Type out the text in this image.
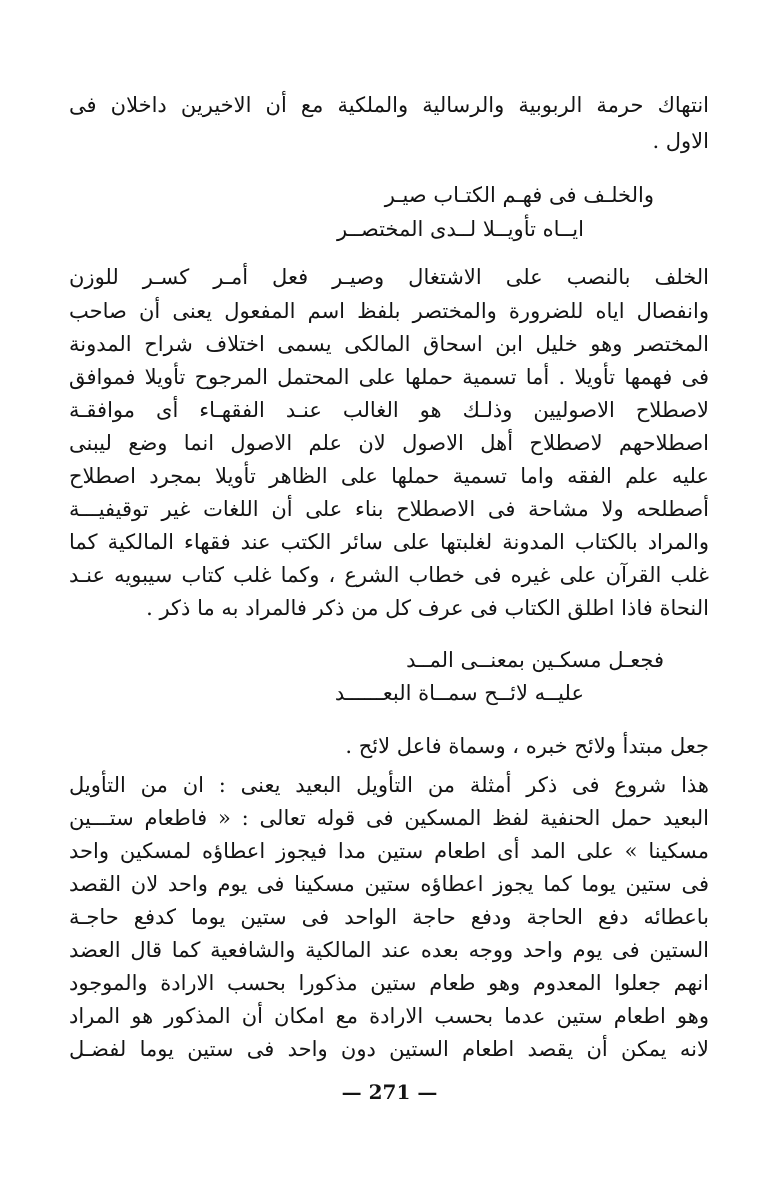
انتهاك حرمة الربوبية والرسالية والملكية مع أن الاخيرين داخلان فى
الاول .
والخلـف فى فهـم الكتـاب صيـر
ايــاه تأويــلا لــدى المختصــر
الخلف بالنصب على الاشتغال وصيـر فعل أمـر كسـر للوزن
وانفصال اياه للضرورة والمختصر بلفظ اسم المفعول يعنى أن صاحب
المختصر وهو خليل ابن اسحاق المالكى يسمى اختلاف شراح المدونة
فى فهمها تأويلا . أما تسمية حملها على المحتمل المرجوح تأويلا فموافق
لاصطلاح الاصوليين وذلـك هو الغالب عنـد الفقهـاء أى موافقـة
اصطلاحهم لاصطلاح أهل الاصول لان علم الاصول انما وضع ليبنى
عليه علم الفقه واما تسمية حملها على الظاهر تأويلا بمجرد اصطلاح
أصطلحه ولا مشاحة فى الاصطلاح بناء على أن اللغات غير توقيفيـــة
والمراد بالكتاب المدونة لغلبتها على سائر الكتب عند فقهاء المالكية كما
غلب القرآن على غيره فى خطاب الشرع ، وكما غلب كتاب سيبويه عنـد
النحاة فاذا اطلق الكتاب فى عرف كل من ذكر فالمراد به ما ذكر .
فجعـل مسكـين بمعنــى المــد
عليــه لائــح سمــاة البعــــــد
جعل مبتدأ ولائح خبره ، وسماة فاعل لائح .
هذا شروع فى ذكر أمثلة من التأويل البعيد يعنى : ان من التأويل
البعيد حمل الحنفية لفظ المسكين فى قوله تعالى : « فاطعام ستـــين
مسكينا » على المد أى اطعام ستين مدا فيجوز اعطاؤه لمسكين واحد
فى ستين يوما كما يجوز اعطاؤه ستين مسكينا فى يوم واحد لان القصد
باعطائه دفع الحاجة ودفع حاجة الواحد فى ستين يوما كدفع حاجـة
الستين فى يوم واحد ووجه بعده عند المالكية والشافعية كما قال العضد
انهم جعلوا المعدوم وهو طعام ستين مذكورا بحسب الارادة والموجود
وهو اطعام ستين عدما بحسب الارادة مع امكان أن المذكور هو المراد
لانه يمكن أن يقصد اطعام الستين دون واحد فى ستين يوما لفضـل
— 271 —
